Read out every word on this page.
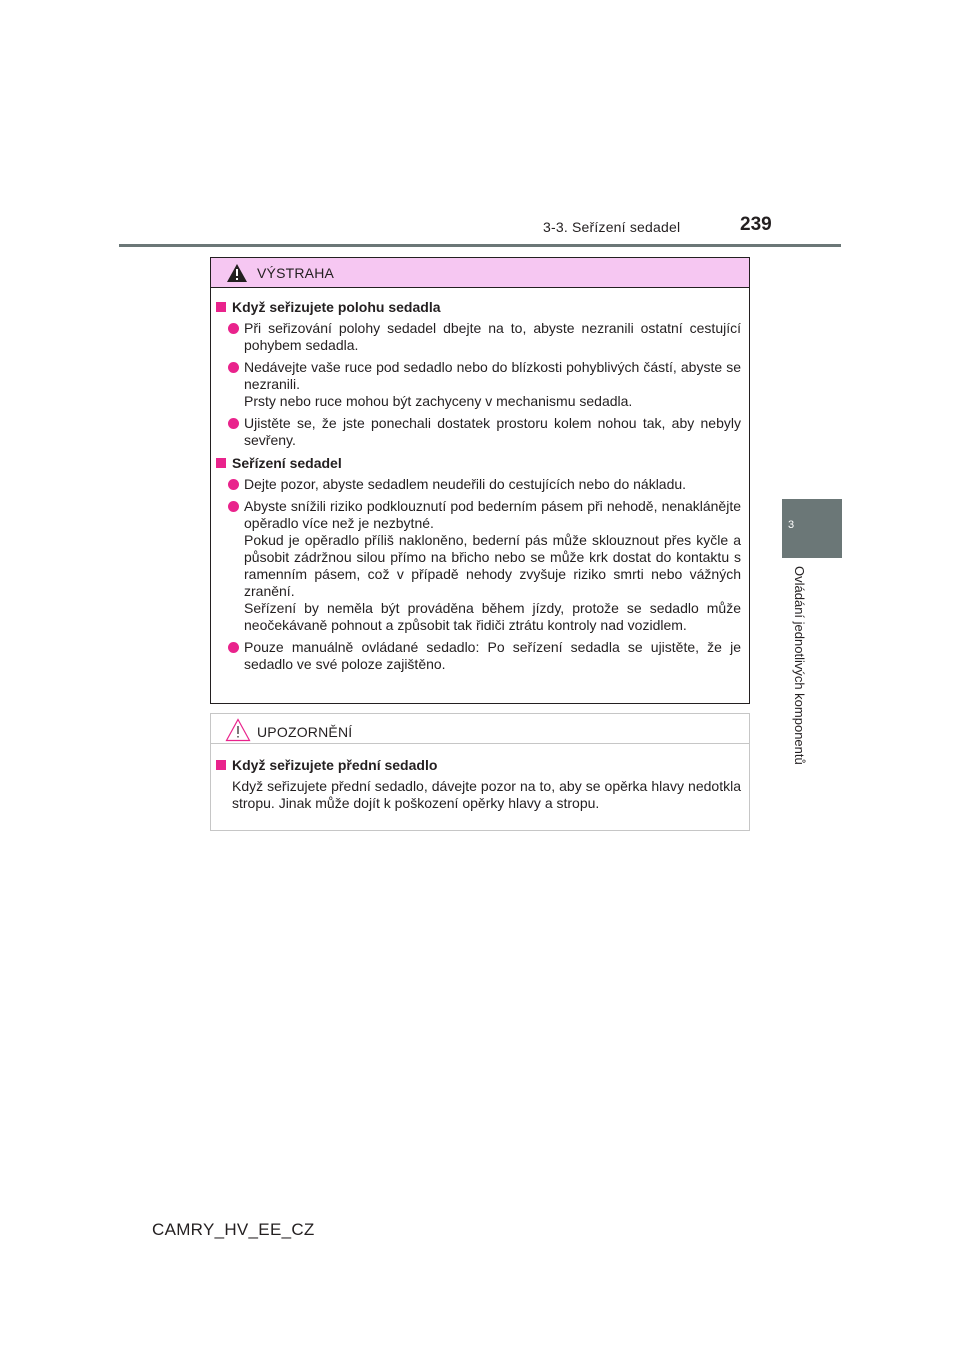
3-3. Seřízení sedadel	239
3
Ovládání jednotlivých komponentů
VÝSTRAHA
Když seřizujete polohu sedadla
Při seřizování polohy sedadel dbejte na to, abyste nezranili ostatní cestující pohybem sedadla.
Nedávejte vaše ruce pod sedadlo nebo do blízkosti pohyblivých částí, abyste se nezranili.
Prsty nebo ruce mohou být zachyceny v mechanismu sedadla.
Ujistěte se, že jste ponechali dostatek prostoru kolem nohou tak, aby nebyly sevřeny.
Seřízení sedadel
Dejte pozor, abyste sedadlem neudeřili do cestujících nebo do nákladu.
Abyste snížili riziko podklouznutí pod bederním pásem při nehodě, nenaklánějte opěradlo více než je nezbytné.
Pokud je opěradlo příliš nakloněno, bederní pás může sklouznout přes kyčle a působit zádržnou silou přímo na břicho nebo se může krk dostat do kontaktu s ramenním pásem, což v případě nehody zvyšuje riziko smrti nebo vážných zranění.
Seřízení by neměla být prováděna během jízdy, protože se sedadlo může neočekávaně pohnout a způsobit tak řidiči ztrátu kontroly nad vozidlem.
Pouze manuálně ovládané sedadlo: Po seřízení sedadla se ujistěte, že je sedadlo ve své poloze zajištěno.
UPOZORNĚNÍ
Když seřizujete přední sedadlo
Když seřizujete přední sedadlo, dávejte pozor na to, aby se opěrka hlavy nedotkla stropu. Jinak může dojít k poškození opěrky hlavy a stropu.
CAMRY_HV_EE_CZ
